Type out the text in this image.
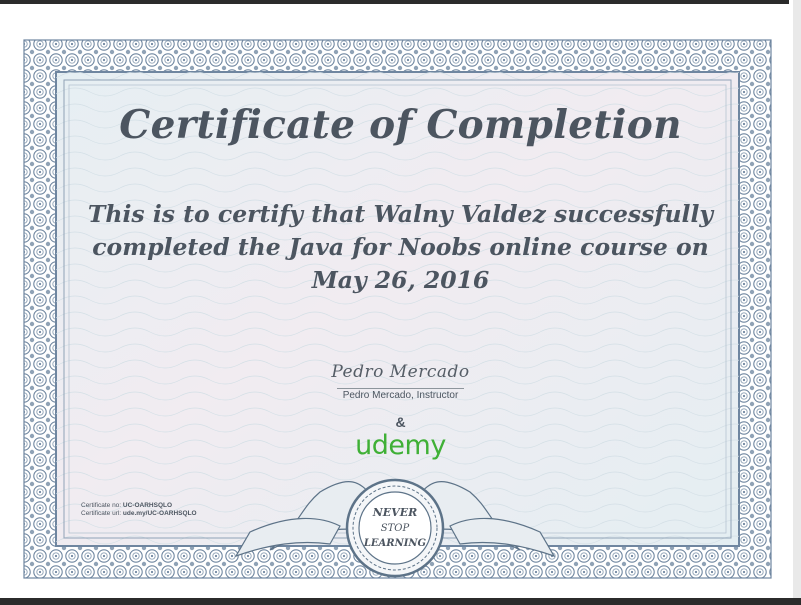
NEVER
STOP
LEARNING
Certificate of Completion
This is to certify that Walny Valdez successfully completed the Java for Noobs online course on May 26, 2016
Pedro Mercado
Pedro Mercado, Instructor
&
udemy
Certificate no: UC-OARHSQLO
Certificate url: ude.my/UC-OARHSQLO
